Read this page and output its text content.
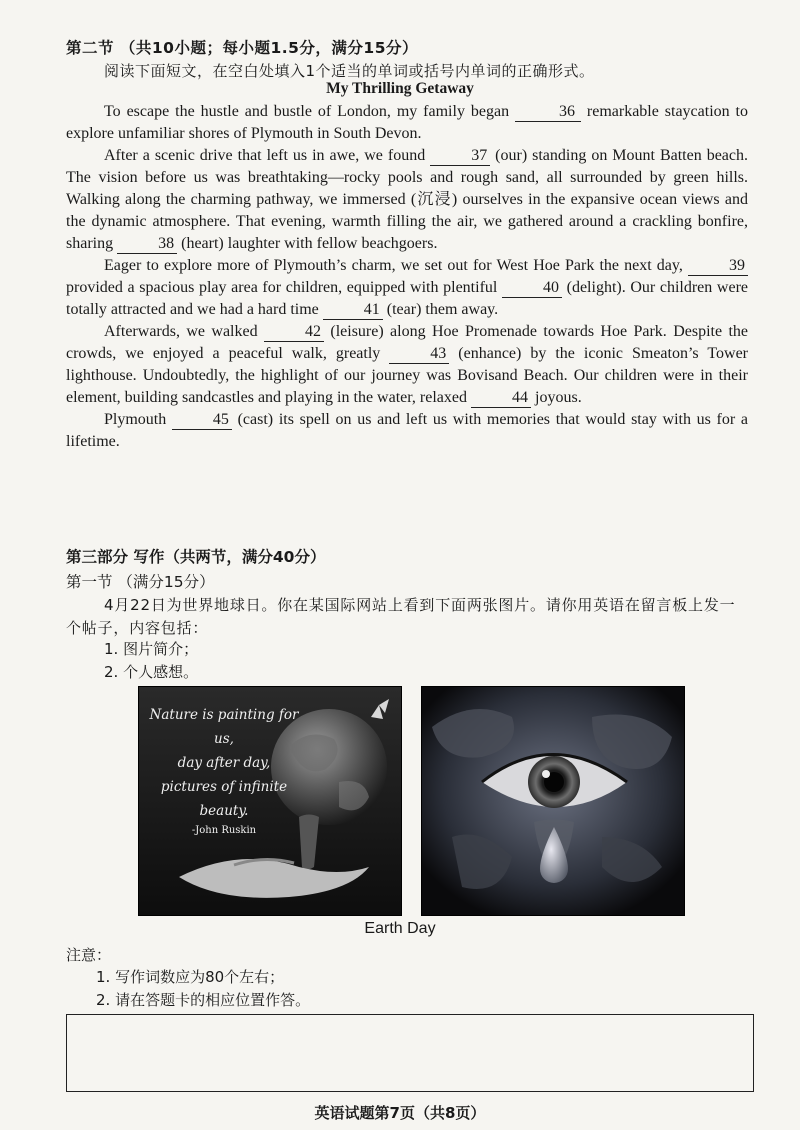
第二节 （共10小题；每小题1.5分，满分15分）
阅读下面短文，在空白处填入1个适当的单词或括号内单词的正确形式。
My Thrilling Getaway

To escape the hustle and bustle of London, my family began	36 remarkable staycation to explore unfamiliar shores of Plymouth in South Devon.

After a scenic drive that left us in awe, we found	37 (our) standing on Mount Batten beach. The vision before us was breathtaking—rocky pools and rough sand, all surrounded by green hills. Walking along the charming pathway, we immersed (沉浸) ourselves in the expansive ocean views and the dynamic atmosphere. That evening, warmth filling the air, we gathered around a crackling bonfire, sharing	38 (heart) laughter with fellow beachgoers.

Eager to explore more of Plymouth’s charm, we set out for West Hoe Park the next day,	39 provided a spacious play area for children, equipped with plentiful	40 (delight). Our children were totally attracted and we had a hard time	41 (tear) them away.

Afterwards, we walked	42 (leisure) along Hoe Promenade towards Hoe Park. Despite the crowds, we enjoyed a peaceful walk, greatly	43 (enhance) by the iconic Smeaton’s Tower lighthouse. Undoubtedly, the highlight of our journey was Bovisand Beach. Our children were in their element, building sandcastles and playing in the water, relaxed	44 joyous.

Plymouth	45 (cast) its spell on us and left us with memories that would stay with us for a lifetime.

第三部分 写作（共两节，满分40分）
第一节 （满分15分）
4月22日为世界地球日。你在某国际网站上看到下面两张图片。请你用英语在留言板上发一个帖子，内容包括：
1. 图片简介；
2. 个人感想。
Nature is painting for us,
day after day,
pictures of infinite beauty.
-John Ruskin
Earth Day
注意：
1. 写作词数应为80个左右；
2. 请在答题卡的相应位置作答。
英语试题第7页（共8页）
